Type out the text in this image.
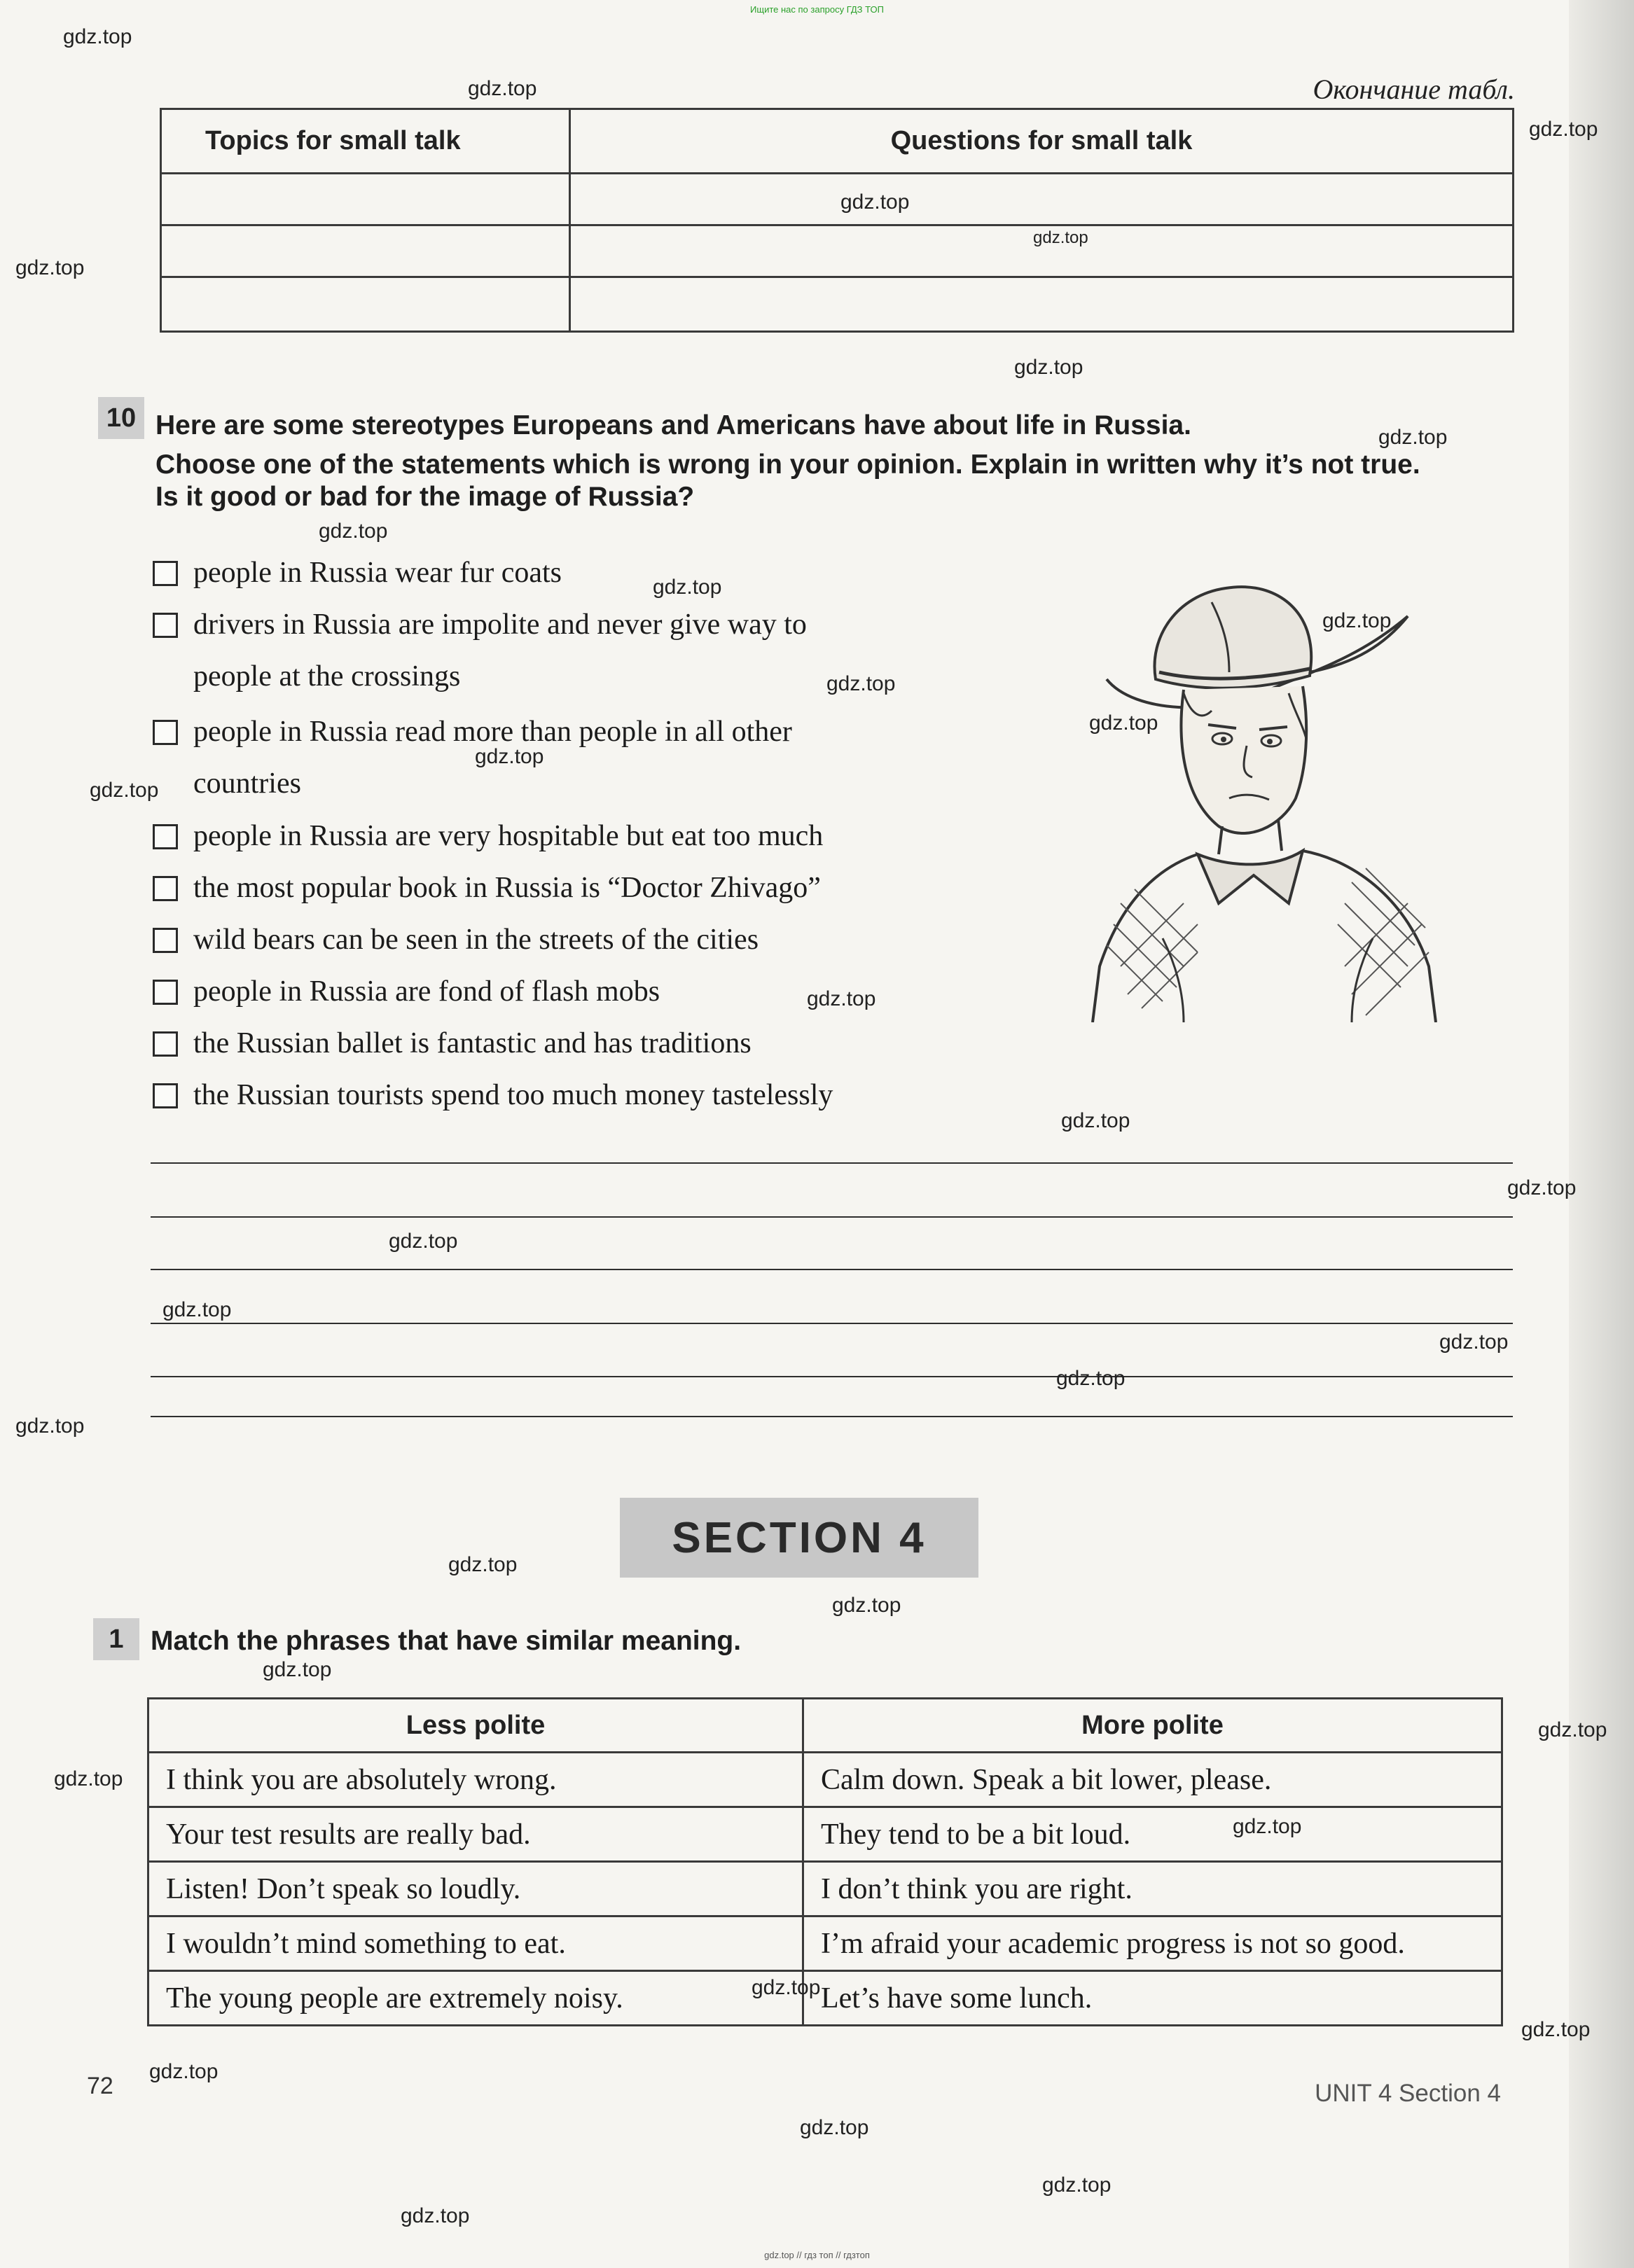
Ищите нас по запросу ГДЗ ТОП
Окончание табл.
Topics for small talk	Questions for small talk

10 Here are some stereotypes Europeans and Americans have about life in Russia.
Choose one of the statements which is wrong in your opinion. Explain in written why it’s not true.
Is it good or bad for the image of Russia?
people in Russia wear fur coats
drivers in Russia are impolite and never give way to
people at the crossings
people in Russia read more than people in all other
countries
people in Russia are very hospitable but eat too much
the most popular book in Russia is “Doctor Zhivago”
wild bears can be seen in the streets of the cities
people in Russia are fond of flash mobs
the Russian ballet is fantastic and has traditions
the Russian tourists spend too much money tastelessly
SECTION 4
1 Match the phrases that have similar meaning.
Less polite	More polite
I think you are absolutely wrong.	Calm down. Speak a bit lower, please.
Your test results are really bad.	They tend to be a bit loud.
Listen! Don’t speak so loudly.	I don’t think you are right.
I wouldn’t mind something to eat.	I’m afraid your academic progress is not so good.
The young people are extremely noisy.	Let’s have some lunch.
72	UNIT 4 Section 4
gdz.top
gdz.top
gdz.top
gdz.top
gdz.top
gdz.top
gdz.top
gdz.top
gdz.top
gdz.top
gdz.top
gdz.top
gdz.top
gdz.top
gdz.top
gdz.top
gdz.top
gdz.top
gdz.top
gdz.top
gdz.top
gdz.top
gdz.top
gdz.top
gdz.top
gdz.top
gdz.top
gdz.top
gdz.top
gdz.top
gdz.top
gdz.top
gdz.top
gdz.top
gdz.top
gdz.top // гдз топ // гдзтоп
